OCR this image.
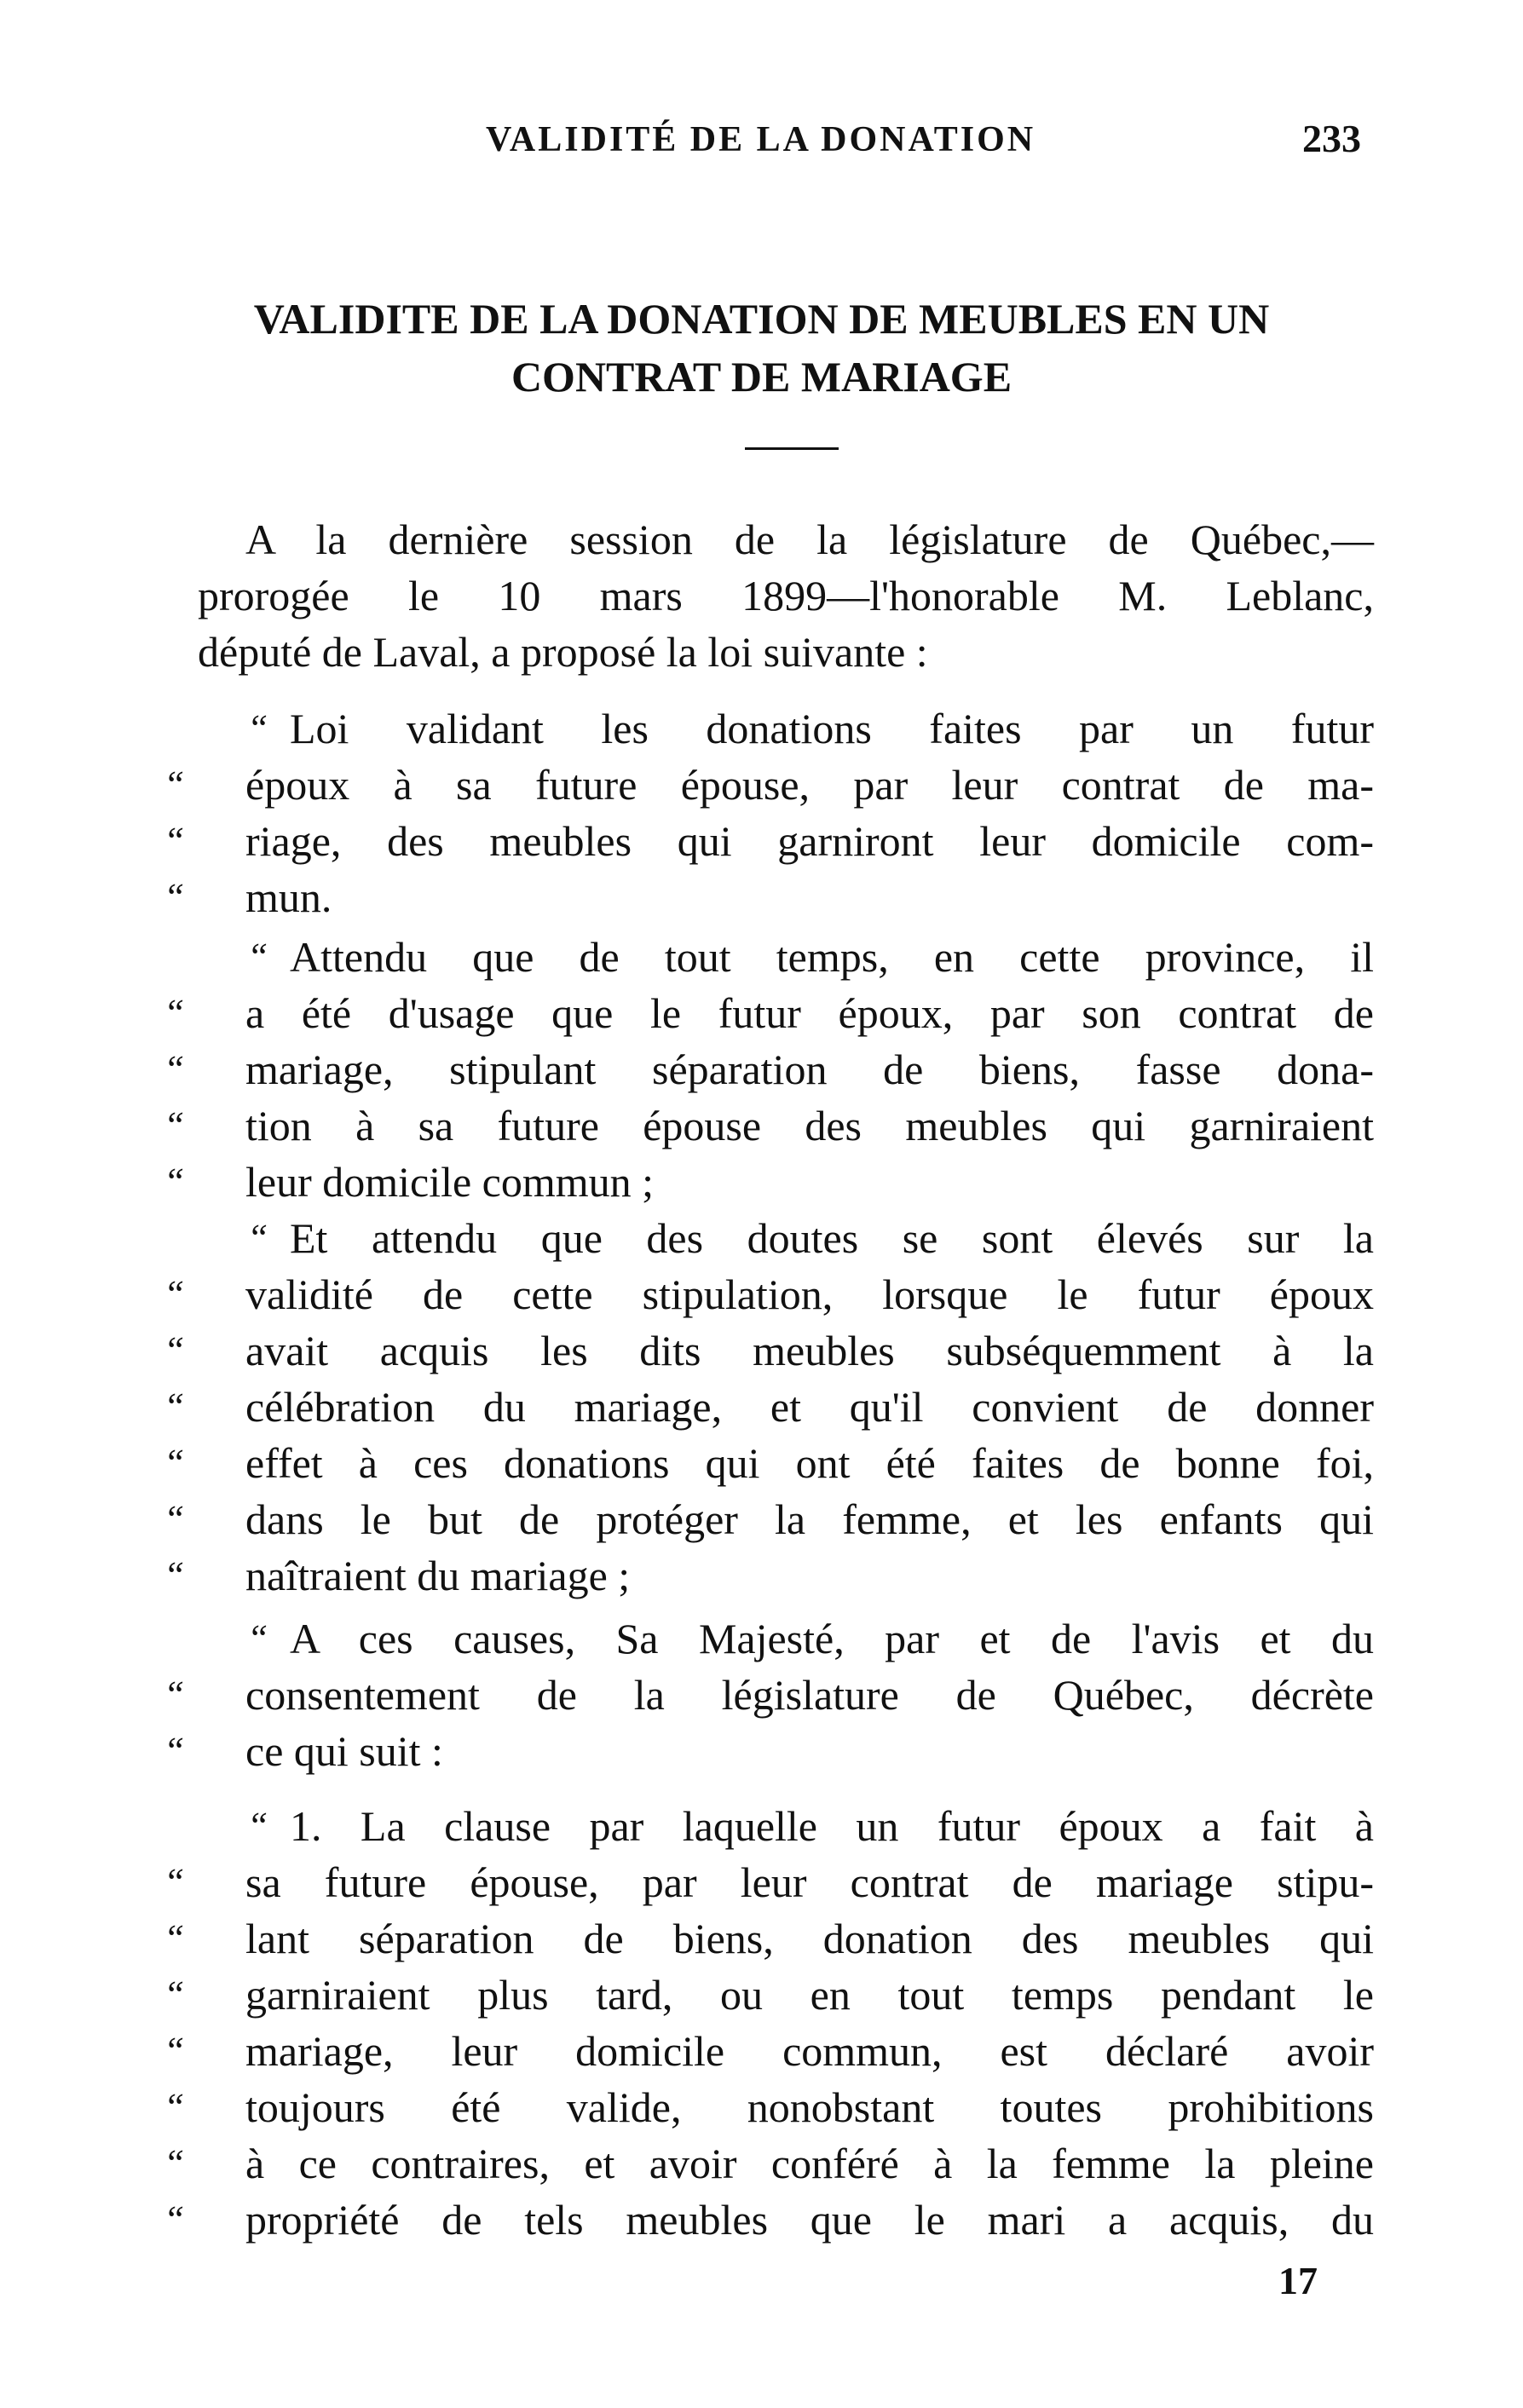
VALIDITÉ DE LA DONATION	233
VALIDITE DE LA DONATION DE MEUBLES EN UN
CONTRAT DE MARIAGE
A la dernière session de la législature de Québec,—
prorogée le 10 mars 1899—l'honorable M. Leblanc,
député de Laval, a proposé la loi suivante :
“ Loi validant les donations faites par un futur
“	époux à sa future épouse, par leur contrat de ma-
“	riage, des meubles qui garniront leur domicile com-
“	mun.
“ Attendu que de tout temps, en cette province, il
“	a été d'usage que le futur époux, par son contrat de
“	mariage, stipulant séparation de biens, fasse dona-
“	tion à sa future épouse des meubles qui garniraient
“	leur domicile commun ;
“ Et attendu que des doutes se sont élevés sur la
“	validité de cette stipulation, lorsque le futur époux
“	avait acquis les dits meubles subséquemment à la
“	célébration du mariage, et qu'il convient de donner
“	effet à ces donations qui ont été faites de bonne foi,
“	dans le but de protéger la femme, et les enfants qui
“	naîtraient du mariage ;
“ A ces causes, Sa Majesté, par et de l'avis et du
“	consentement de la législature de Québec, décrète
“	ce qui suit :
“ 1. La clause par laquelle un futur époux a fait à
“	sa future épouse, par leur contrat de mariage stipu-
“	lant séparation de biens, donation des meubles qui
“	garniraient plus tard, ou en tout temps pendant le
“	mariage, leur domicile commun, est déclaré avoir
“	toujours été valide, nonobstant toutes prohibitions
“	à ce contraires, et avoir conféré à la femme la pleine
“	propriété de tels meubles que le mari a acquis, du
17
